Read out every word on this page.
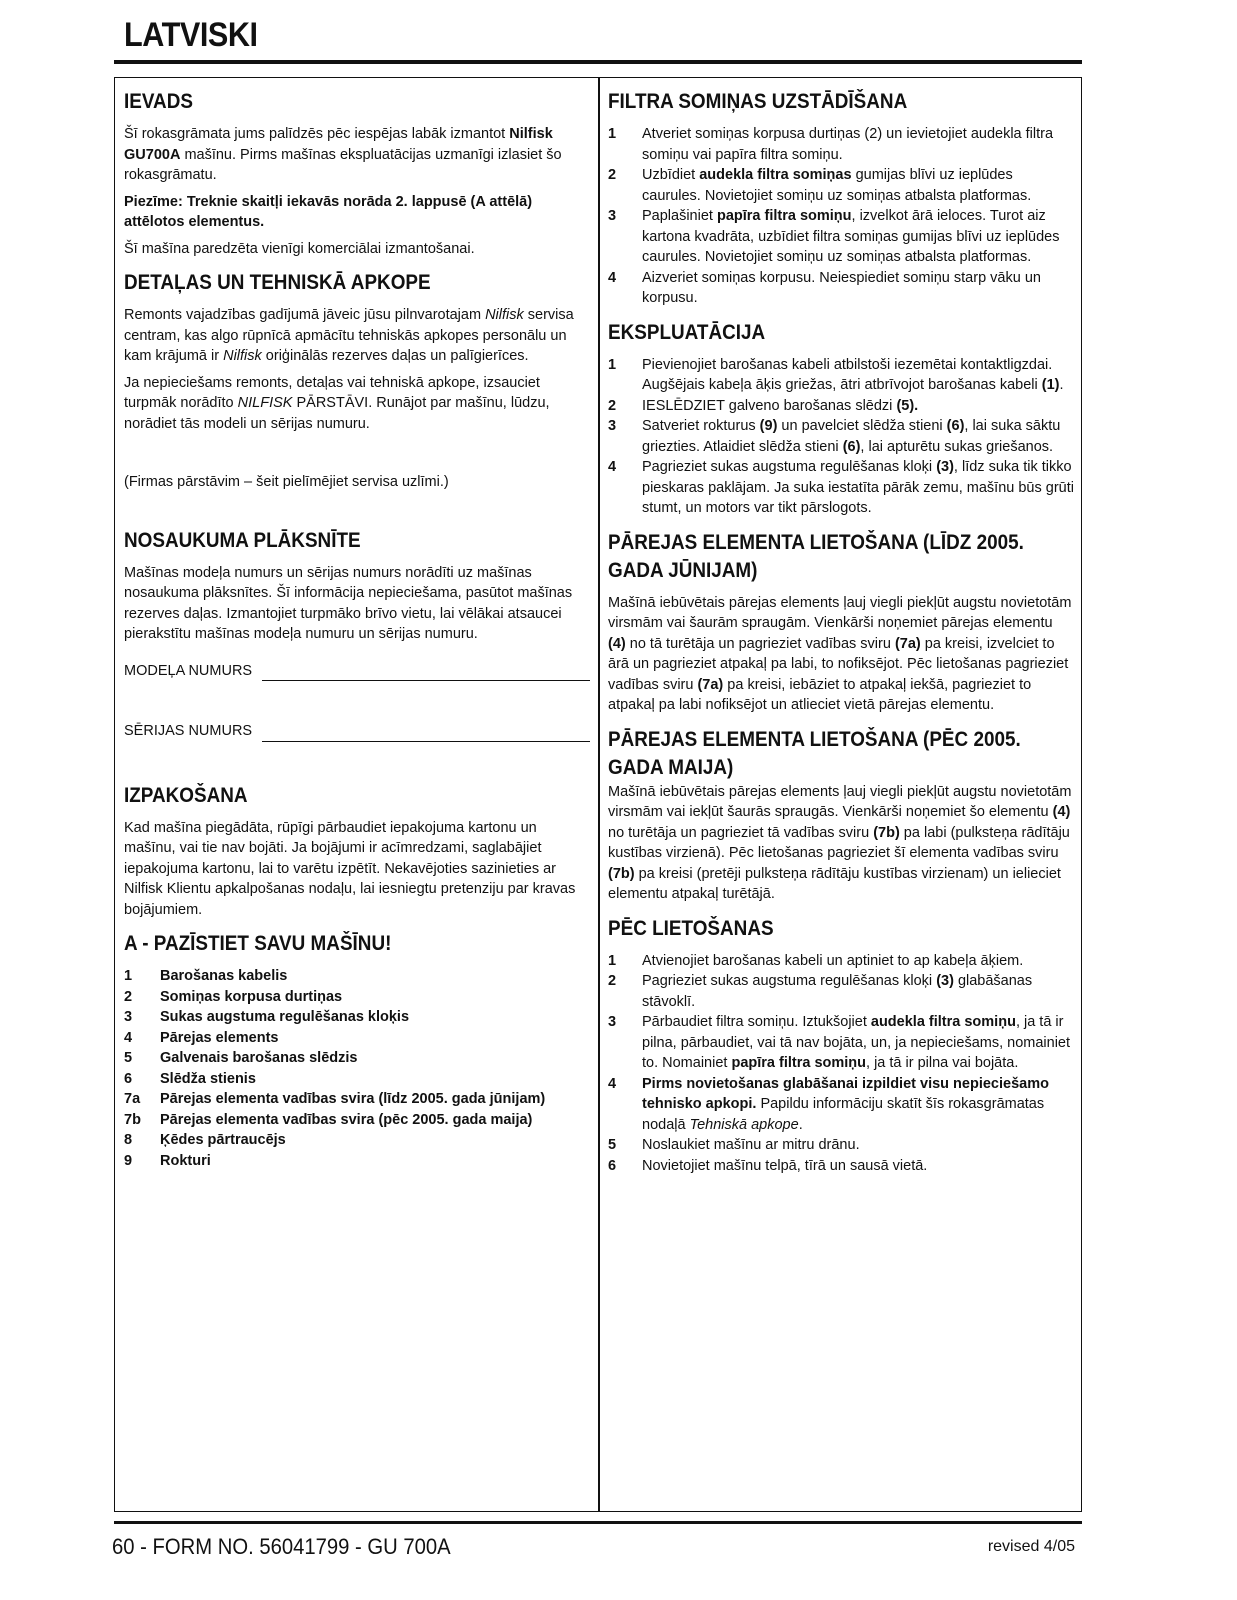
LATVISKI
IEVADS

Šī rokasgrāmata jums palīdzēs pēc iespējas labāk izmantot Nilfisk GU700A mašīnu. Pirms mašīnas ekspluatācijas uzmanīgi izlasiet šo rokasgrāmatu.

Piezīme: Treknie skaitļi iekavās norāda 2. lappusē (A attēlā) attēlotos elementus.

Šī mašīna paredzēta vienīgi komerciālai izmantošanai.

DETAĻAS UN TEHNISKĀ APKOPE

Remonts vajadzības gadījumā jāveic jūsu pilnvarotajam Nilfisk servisa centram, kas algo rūpnīcā apmācītu tehniskās apkopes personālu un kam krājumā ir Nilfisk oriģinālās rezerves daļas un palīgierīces.

Ja nepieciešams remonts, detaļas vai tehniskā apkope, izsauciet turpmāk norādīto NILFISK PĀRSTĀVI. Runājot par mašīnu, lūdzu, norādiet tās modeli un sērijas numuru.

(Firmas pārstāvim – šeit pielīmējiet servisa uzlīmi.)

NOSAUKUMA PLĀKSNĪTE

Mašīnas modeļa numurs un sērijas numurs norādīti uz mašīnas nosaukuma plāksnītes. Šī informācija nepieciešama, pasūtot mašīnas rezerves daļas. Izmantojiet turpmāko brīvo vietu, lai vēlākai atsaucei pierakstītu mašīnas modeļa numuru un sērijas numuru.

MODEĻA NUMURS
SĒRIJAS NUMURS
IZPAKOŠANA

Kad mašīna piegādāta, rūpīgi pārbaudiet iepakojuma kartonu un mašīnu, vai tie nav bojāti. Ja bojājumi ir acīmredzami, saglabājiet iepakojuma kartonu, lai to varētu izpētīt. Nekavējoties sazinieties ar Nilfisk Klientu apkalpošanas nodaļu, lai iesniegtu pretenziju par kravas bojājumiem.

A - PAZĪSTIET SAVU MAŠĪNU!
1	Barošanas kabelis
2	Somiņas korpusa durtiņas
3	Sukas augstuma regulēšanas kloķis
4	Pārejas elements
5	Galvenais barošanas slēdzis
6	Slēdža stienis
7a	Pārejas elementa vadības svira (līdz 2005. gada jūnijam)
7b	Pārejas elementa vadības svira (pēc 2005. gada maija)
8	Ķēdes pārtraucējs
9	Rokturi
FILTRA SOMIŅAS UZSTĀDĪŠANA
1	Atveriet somiņas korpusa durtiņas (2) un ievietojiet audekla filtra somiņu vai papīra filtra somiņu.
2	Uzbīdiet audekla filtra somiņas gumijas blīvi uz ieplūdes caurules. Novietojiet somiņu uz somiņas atbalsta platformas.
3	Paplašiniet papīra filtra somiņu, izvelkot ārā ieloces. Turot aiz kartona kvadrāta, uzbīdiet filtra somiņas gumijas blīvi uz ieplūdes caurules. Novietojiet somiņu uz somiņas atbalsta platformas.
4	Aizveriet somiņas korpusu. Neiespiediet somiņu starp vāku un korpusu.
EKSPLUATĀCIJA
1	Pievienojiet barošanas kabeli atbilstoši iezemētai kontaktligzdai. Augšējais kabeļa āķis griežas, ātri atbrīvojot barošanas kabeli (1).
2	IESLĒDZIET galveno barošanas slēdzi (5).
3	Satveriet rokturus (9) un pavelciet slēdža stieni (6), lai suka sāktu griezties. Atlaidiet slēdža stieni (6), lai apturētu sukas griešanos.
4	Pagrieziet sukas augstuma regulēšanas kloķi (3), līdz suka tik tikko pieskaras paklājam. Ja suka iestatīta pārāk zemu, mašīnu būs grūti stumt, un motors var tikt pārslogots.
PĀREJAS ELEMENTA LIETOŠANA (LĪDZ 2005. GADA JŪNIJAM)

Mašīnā iebūvētais pārejas elements ļauj viegli piekļūt augstu novietotām virsmām vai šaurām spraugām. Vienkārši noņemiet pārejas elementu (4) no tā turētāja un pagrieziet vadības sviru (7a) pa kreisi, izvelciet to ārā un pagrieziet atpakaļ pa labi, to nofiksējot. Pēc lietošanas pagrieziet vadības sviru (7a) pa kreisi, iebāziet to atpakaļ iekšā, pagrieziet to atpakaļ pa labi nofiksējot un atlieciet vietā pārejas elementu.

PĀREJAS ELEMENTA LIETOŠANA (PĒC 2005. GADA MAIJA)

Mašīnā iebūvētais pārejas elements ļauj viegli piekļūt augstu novietotām virsmām vai iekļūt šaurās spraugās. Vienkārši noņemiet šo elementu (4) no turētāja un pagrieziet tā vadības sviru (7b) pa labi (pulksteņa rādītāju kustības virzienā). Pēc lietošanas pagrieziet šī elementa vadības sviru (7b) pa kreisi (pretēji pulksteņa rādītāju kustības virzienam) un ielieciet elementu atpakaļ turētājā.

PĒC LIETOŠANAS
1	Atvienojiet barošanas kabeli un aptiniet to ap kabeļa āķiem.
2	Pagrieziet sukas augstuma regulēšanas kloķi (3) glabāšanas stāvoklī.
3	Pārbaudiet filtra somiņu. Iztukšojiet audekla filtra somiņu, ja tā ir pilna, pārbaudiet, vai tā nav bojāta, un, ja nepieciešams, nomainiet to. Nomainiet papīra filtra somiņu, ja tā ir pilna vai bojāta.
4	Pirms novietošanas glabāšanai izpildiet visu nepieciešamo tehnisko apkopi. Papildu informāciju skatīt šīs rokasgrāmatas nodaļā Tehniskā apkope.
5	Noslaukiet mašīnu ar mitru drānu.
6	Novietojiet mašīnu telpā, tīrā un sausā vietā.
60 - FORM NO. 56041799 - GU 700A	revised 4/05
